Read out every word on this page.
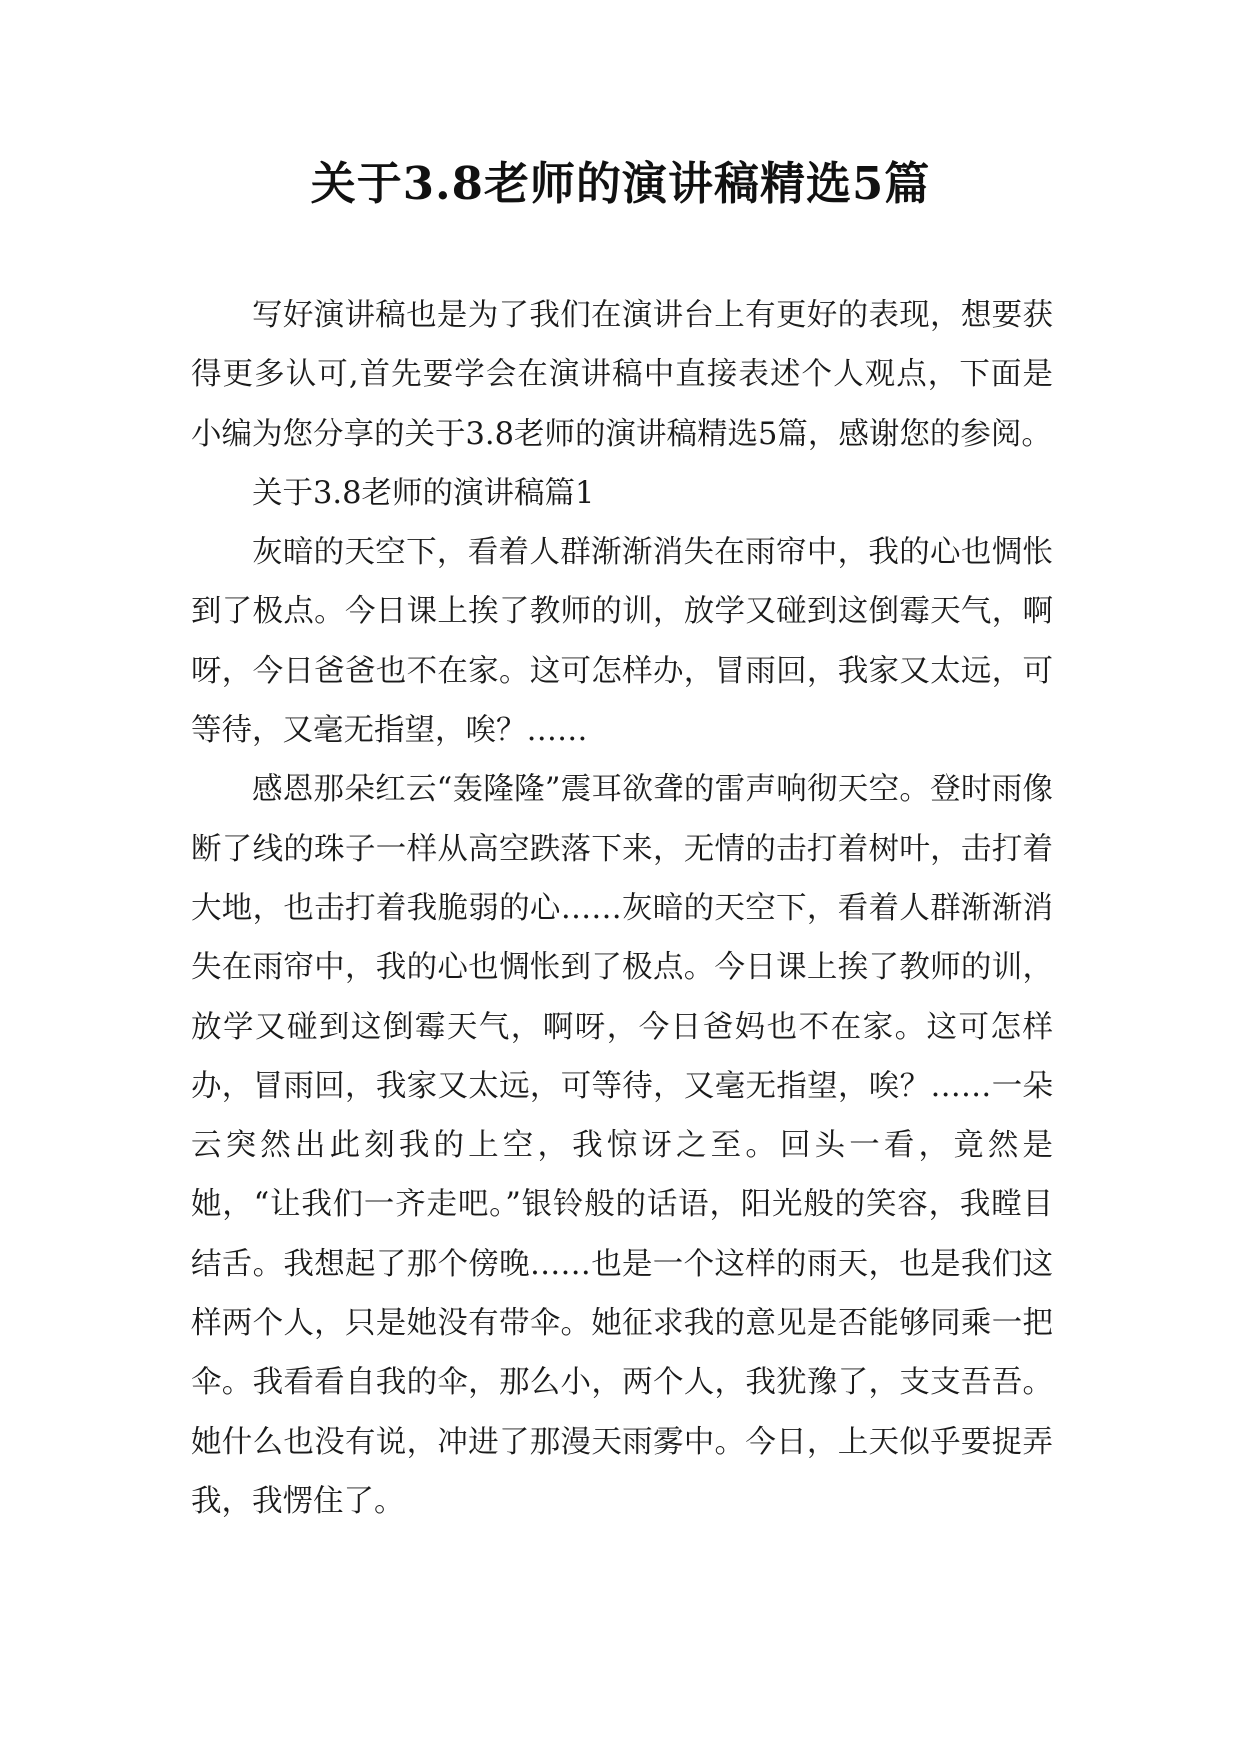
关于3.8老师的演讲稿精选5篇

写好演讲稿也是为了我们在演讲台上有更好的表现，想要获得更多认可,首先要学会在演讲稿中直接表述个人观点，下面是小编为您分享的关于3.8老师的演讲稿精选5篇，感谢您的参阅。

关于3.8老师的演讲稿篇1

灰暗的天空下，看着人群渐渐消失在雨帘中，我的心也惆怅到了极点。今日课上挨了教师的训，放学又碰到这倒霉天气，啊呀，今日爸爸也不在家。这可怎样办，冒雨回，我家又太远，可等待，又毫无指望，唉？……

感恩那朵红云“轰隆隆”震耳欲聋的雷声响彻天空。登时雨像断了线的珠子一样从高空跌落下来，无情的击打着树叶，击打着大地，也击打着我脆弱的心……灰暗的天空下，看着人群渐渐消失在雨帘中，我的心也惆怅到了极点。今日课上挨了教师的训，放学又碰到这倒霉天气，啊呀，今日爸妈也不在家。这可怎样办，冒雨回，我家又太远，可等待，又毫无指望，唉？……一朵云突然出此刻我的上空，我惊讶之至。回头一看，竟然是她，“让我们一齐走吧。”银铃般的话语，阳光般的笑容，我瞠目结舌。我想起了那个傍晚……也是一个这样的雨天，也是我们这样两个人，只是她没有带伞。她征求我的意见是否能够同乘一把伞。我看看自我的伞，那么小，两个人，我犹豫了，支支吾吾。她什么也没有说，冲进了那漫天雨雾中。今日，上天似乎要捉弄我，我愣住了。
